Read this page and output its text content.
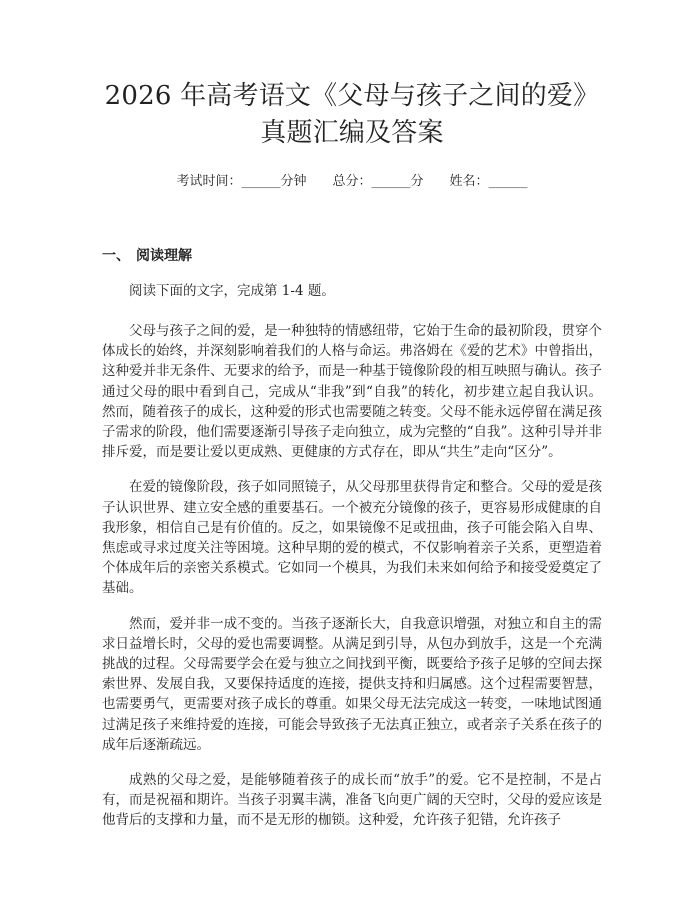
2026 年高考语文《父母与孩子之间的爱》真题汇编及答案
考试时间：______分钟 总分：______分 姓名：______
一、 阅读理解

阅读下面的文字，完成第 1-4 题。

父母与孩子之间的爱，是一种独特的情感纽带，它始于生命的最初阶段，贯穿个体成长的始终，并深刻影响着我们的人格与命运。弗洛姆在《爱的艺术》中曾指出，这种爱并非无条件、无要求的给予，而是一种基于镜像阶段的相互映照与确认。孩子通过父母的眼中看到自己，完成从“非我”到“自我”的转化，初步建立起自我认识。然而，随着孩子的成长，这种爱的形式也需要随之转变。父母不能永远停留在满足孩子需求的阶段，他们需要逐渐引导孩子走向独立，成为完整的“自我”。这种引导并非排斥爱，而是要让爱以更成熟、更健康的方式存在，即从“共生”走向“区分”。

在爱的镜像阶段，孩子如同照镜子，从父母那里获得肯定和整合。父母的爱是孩子认识世界、建立安全感的重要基石。一个被充分镜像的孩子，更容易形成健康的自我形象，相信自己是有价值的。反之，如果镜像不足或扭曲，孩子可能会陷入自卑、焦虑或寻求过度关注等困境。这种早期的爱的模式，不仅影响着亲子关系，更塑造着个体成年后的亲密关系模式。它如同一个模具，为我们未来如何给予和接受爱奠定了基础。

然而，爱并非一成不变的。当孩子逐渐长大，自我意识增强，对独立和自主的需求日益增长时，父母的爱也需要调整。从满足到引导，从包办到放手，这是一个充满挑战的过程。父母需要学会在爱与独立之间找到平衡，既要给予孩子足够的空间去探索世界、发展自我，又要保持适度的连接，提供支持和归属感。这个过程需要智慧，也需要勇气，更需要对孩子成长的尊重。如果父母无法完成这一转变，一味地试图通过满足孩子来维持爱的连接，可能会导致孩子无法真正独立，或者亲子关系在孩子的成年后逐渐疏远。

成熟的父母之爱，是能够随着孩子的成长而“放手”的爱。它不是控制，不是占有，而是祝福和期许。当孩子羽翼丰满，准备飞向更广阔的天空时，父母的爱应该是他背后的支撑和力量，而不是无形的枷锁。这种爱，允许孩子犯错，允许孩子
